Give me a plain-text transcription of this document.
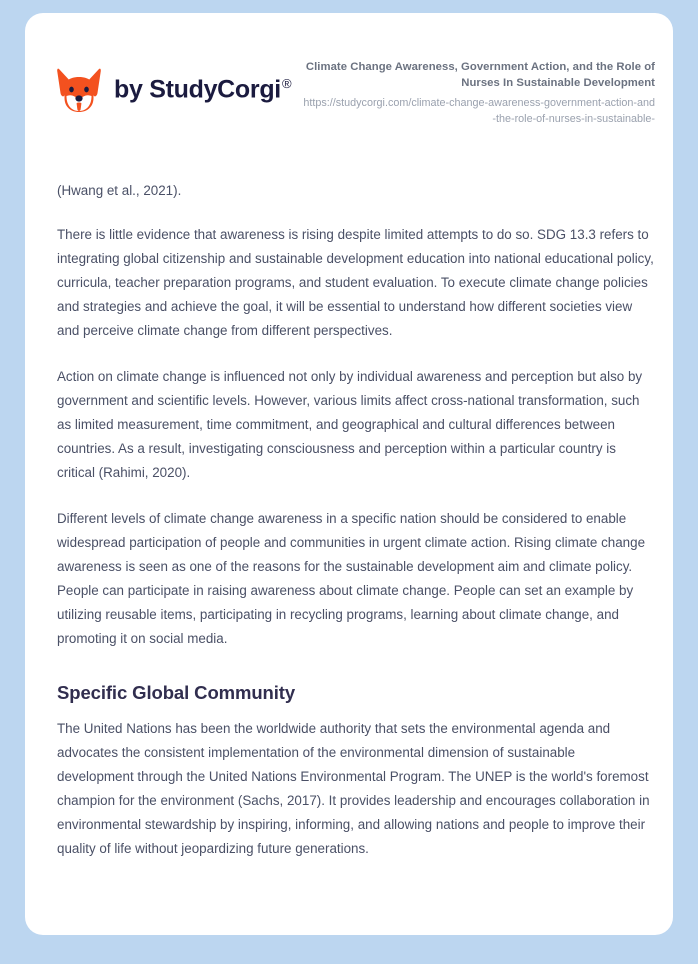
by StudyCorgi®
Climate Change Awareness, Government Action, and the Role of Nurses In Sustainable Development
https://studycorgi.com/climate-change-awareness-government-action-and-the-role-of-nurses-in-sustainable-

(Hwang et al., 2021).

There is little evidence that awareness is rising despite limited attempts to do so. SDG 13.3 refers to integrating global citizenship and sustainable development education into national educational policy, curricula, teacher preparation programs, and student evaluation. To execute climate change policies and strategies and achieve the goal, it will be essential to understand how different societies view and perceive climate change from different perspectives.

Action on climate change is influenced not only by individual awareness and perception but also by government and scientific levels. However, various limits affect cross-national transformation, such as limited measurement, time commitment, and geographical and cultural differences between countries. As a result, investigating consciousness and perception within a particular country is critical (Rahimi, 2020).

Different levels of climate change awareness in a specific nation should be considered to enable widespread participation of people and communities in urgent climate action. Rising climate change awareness is seen as one of the reasons for the sustainable development aim and climate policy. People can participate in raising awareness about climate change. People can set an example by utilizing reusable items, participating in recycling programs, learning about climate change, and promoting it on social media.

Specific Global Community

The United Nations has been the worldwide authority that sets the environmental agenda and advocates the consistent implementation of the environmental dimension of sustainable development through the United Nations Environmental Program. The UNEP is the world's foremost champion for the environment (Sachs, 2017). It provides leadership and encourages collaboration in environmental stewardship by inspiring, informing, and allowing nations and people to improve their quality of life without jeopardizing future generations.
